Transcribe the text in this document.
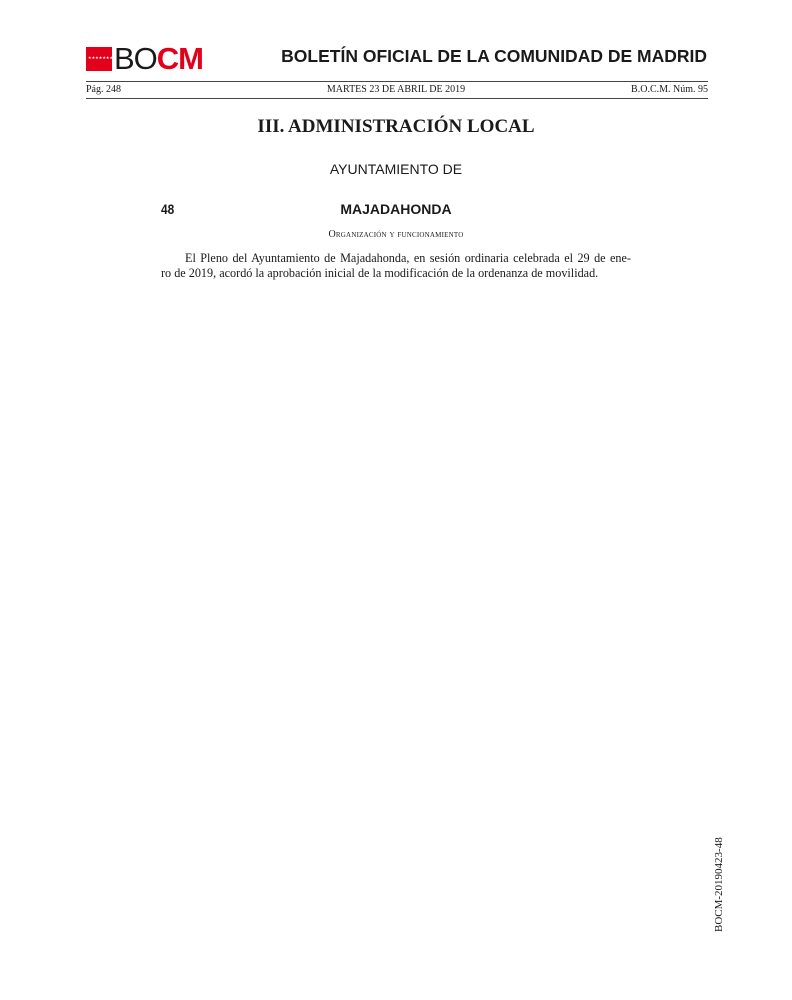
★★★★★★★ BOCM	BOLETÍN OFICIAL DE LA COMUNIDAD DE MADRID
Pág. 248	MARTES 23 DE ABRIL DE 2019	B.O.C.M. Núm. 95
III. ADMINISTRACIÓN LOCAL
AYUNTAMIENTO DE
48	MAJADAHONDA
Organización y funcionamiento
El Pleno del Ayuntamiento de Majadahonda, en sesión ordinaria celebrada el 29 de ene-
ro de 2019, acordó la aprobación inicial de la modificación de la ordenanza de movilidad.
BOCM-20190423-48
